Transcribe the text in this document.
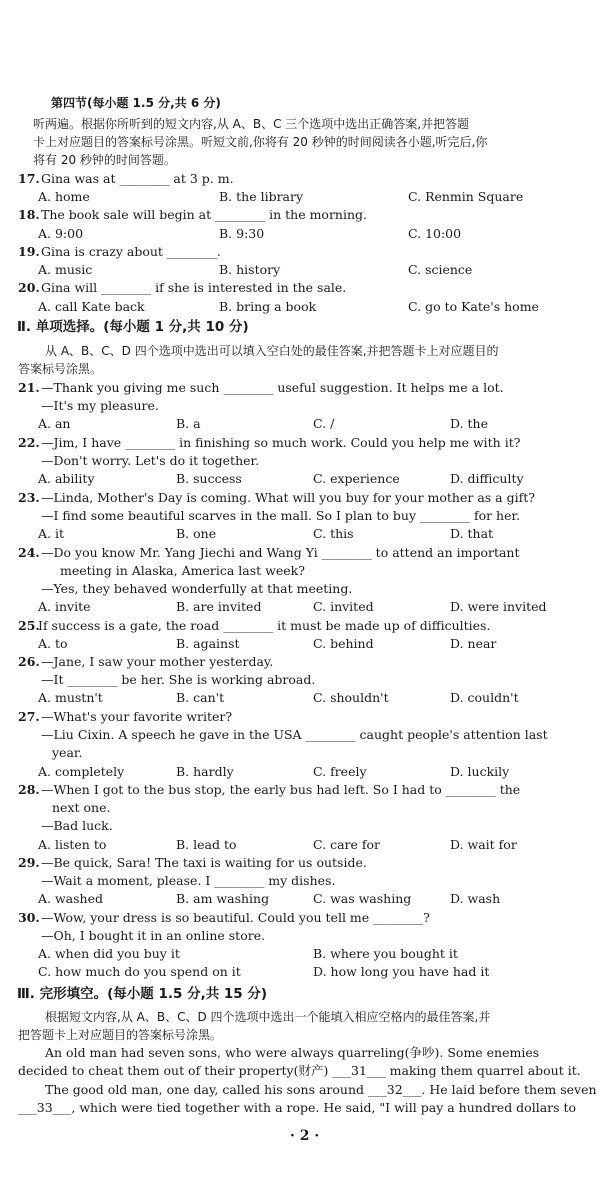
第四节(每小题 1.5 分,共 6 分)
听两遍。根据你所听到的短文内容,从 A、B、C 三个选项中选出正确答案,并把答题
卡上对应题目的答案标号涂黑。听短文前,你将有 20 秒钟的时间阅读各小题,听完后,你
将有 20 秒钟的时间答题。
17. Gina was at ________ at 3 p. m.
A. home	B. the library	C. Renmin Square
18. The book sale will begin at ________ in the morning.
A. 9:00	B. 9:30	C. 10:00
19. Gina is crazy about ________.
A. music	B. history	C. science
20. Gina will ________ if she is interested in the sale.
A. call Kate back	B. bring a book	C. go to Kate's home
Ⅱ. 单项选择。(每小题 1 分,共 10 分)
从 A、B、C、D 四个选项中选出可以填入空白处的最佳答案,并把答题卡上对应题目的
答案标号涂黑。
21. —Thank you giving me such ________ useful suggestion. It helps me a lot.
—It's my pleasure.
A. an	B. a	C. /	D. the
22. —Jim, I have ________ in finishing so much work. Could you help me with it?
—Don't worry. Let's do it together.
A. ability	B. success	C. experience	D. difficulty
23. —Linda, Mother's Day is coming. What will you buy for your mother as a gift?
—I find some beautiful scarves in the mall. So I plan to buy ________ for her.
A. it	B. one	C. this	D. that
24. —Do you know Mr. Yang Jiechi and Wang Yi ________ to attend an important
meeting in Alaska, America last week?
—Yes, they behaved wonderfully at that meeting.
A. invite	B. are invited	C. invited	D. were invited
25.
If success is a gate, the road ________ it must be made up of difficulties.
A. to	B. against	C. behind	D. near
26. —Jane, I saw your mother yesterday.
—It ________ be her. She is working abroad.
A. mustn't	B. can't	C. shouldn't	D. couldn't
27. —What's your favorite writer?
—Liu Cixin. A speech he gave in the USA ________ caught people's attention last
year.
A. completely	B. hardly	C. freely	D. luckily
28. —When I got to the bus stop, the early bus had left. So I had to ________ the
next one.
—Bad luck.
A. listen to	B. lead to	C. care for	D. wait for
29. —Be quick, Sara! The taxi is waiting for us outside.
—Wait a moment, please. I ________ my dishes.
A. washed	B. am washing	C. was washing	D. wash
30. —Wow, your dress is so beautiful. Could you tell me ________?
—Oh, I bought it in an online store.
A. when did you buy it	B. where you bought it
C. how much do you spend on it	D. how long you have had it
Ⅲ. 完形填空。(每小题 1.5 分,共 15 分)
根据短文内容,从 A、B、C、D 四个选项中选出一个能填入相应空格内的最佳答案,并
把答题卡上对应题目的答案标号涂黑。
An old man had seven sons, who were always quarreling(争吵). Some enemies
decided to cheat them out of their property(财产) ___31___ making them quarrel about it.
The good old man, one day, called his sons around ___32___. He laid before them seven
___33___, which were tied together with a rope. He said, "I will pay a hundred dollars to
· 2 ·
